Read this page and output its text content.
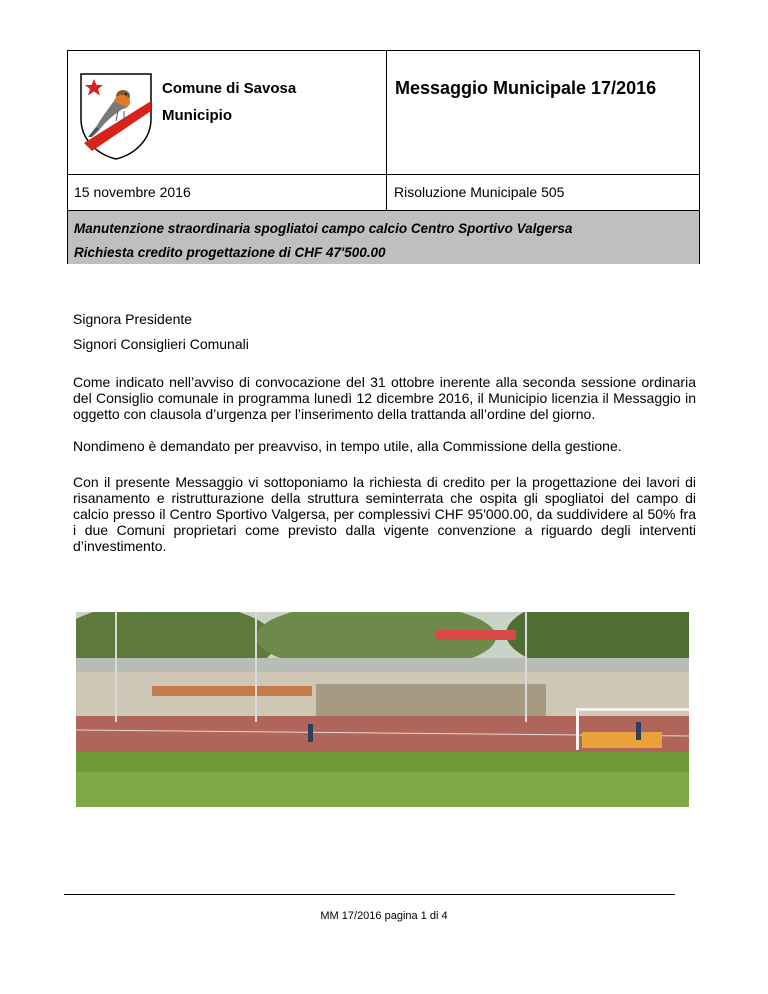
Comune di Savosa
Municipio
Messaggio Municipale 17/2016
15 novembre 2016	Risoluzione Municipale 505
Manutenzione straordinaria spogliatoi campo calcio Centro Sportivo Valgersa
Richiesta credito progettazione di CHF 47'500.00
Signora Presidente
Signori Consiglieri Comunali

Come indicato nell’avviso di convocazione del 31 ottobre inerente alla seconda sessione ordinaria del Consiglio comunale in programma lunedì 12 dicembre 2016, il Municipio licenzia il Messaggio in oggetto con clausola d’urgenza per l’inserimento della trattanda all’ordine del giorno.

Nondimeno è demandato per preavviso, in tempo utile, alla Commissione della gestione.

Con il presente Messaggio vi sottoponiamo la richiesta di credito per la progettazione dei lavori di risanamento e ristrutturazione della struttura seminterrata che ospita gli spogliatoi del campo di calcio presso il Centro Sportivo Valgersa, per complessivi CHF 95'000.00, da suddividere al 50% fra i due Comuni proprietari come previsto dalla vigente convenzione a riguardo degli interventi d’investimento.

MM 17/2016 pagina 1 di 4
